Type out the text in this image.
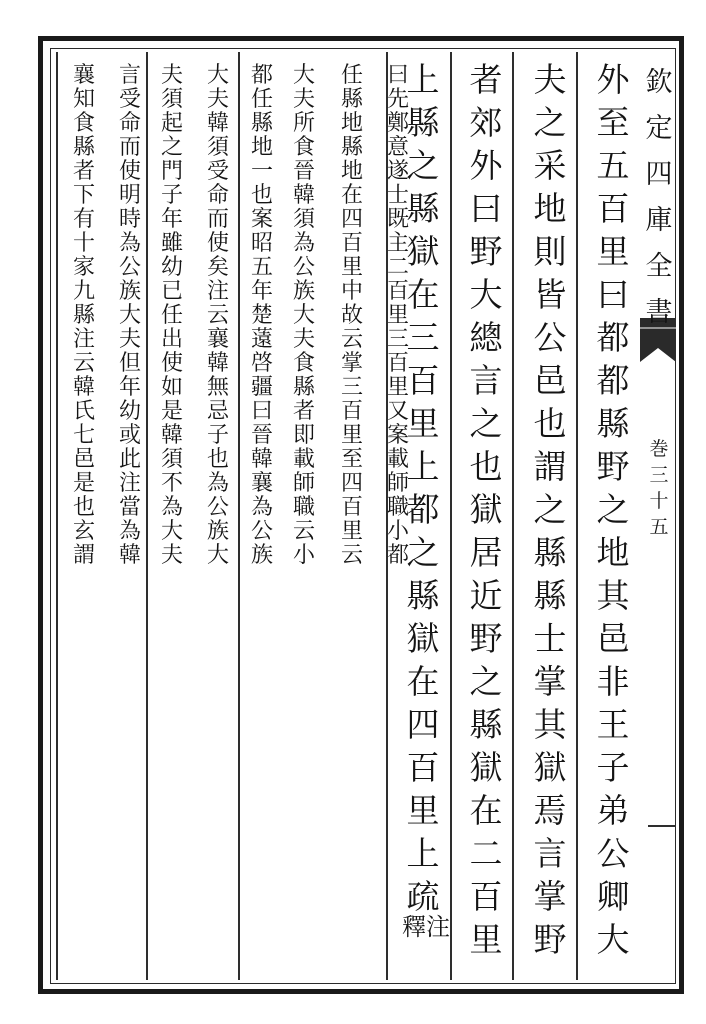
欽
定
四
庫
全
書
巻
三
十
五
外
至
五
百
里
曰
都
都
縣
野
之
地
其
邑
非
王
子
弟
公
卿
大
夫
之
采
地
則
皆
公
邑
也
謂
之
縣
縣
士
掌
其
獄
焉
言
掌
野
者
郊
外
曰
野
大
總
言
之
也
獄
居
近
野
之
縣
獄
在
二
百
里
上
縣
之
縣
獄
在
三
百
里
上
都
之
縣
獄
在
四
百
里
上
疏
注
釋
曰
先
鄭
意
遂
士
既
主
二
百
里
三
百
里
又
案
載
師
職
小
都
任
縣
地
縣
地
在
四
百
里
中
故
云
掌
三
百
里
至
四
百
里
云
大
夫
所
食
晉
韓
須
為
公
族
大
夫
食
縣
者
即
載
師
職
云
小
都
任
縣
地
一
也
案
昭
五
年
楚
薳
啓
疆
曰
晉
韓
襄
為
公
族
大
夫
韓
須
受
命
而
使
矣
注
云
襄
韓
無
忌
子
也
為
公
族
大
夫
須
起
之
門
子
年
雖
幼
已
任
出
使
如
是
韓
須
不
為
大
夫
言
受
命
而
使
明
時
為
公
族
大
夫
但
年
幼
或
此
注
當
為
韓
襄
知
食
縣
者
下
有
十
家
九
縣
注
云
韓
氏
七
邑
是
也
玄
謂
